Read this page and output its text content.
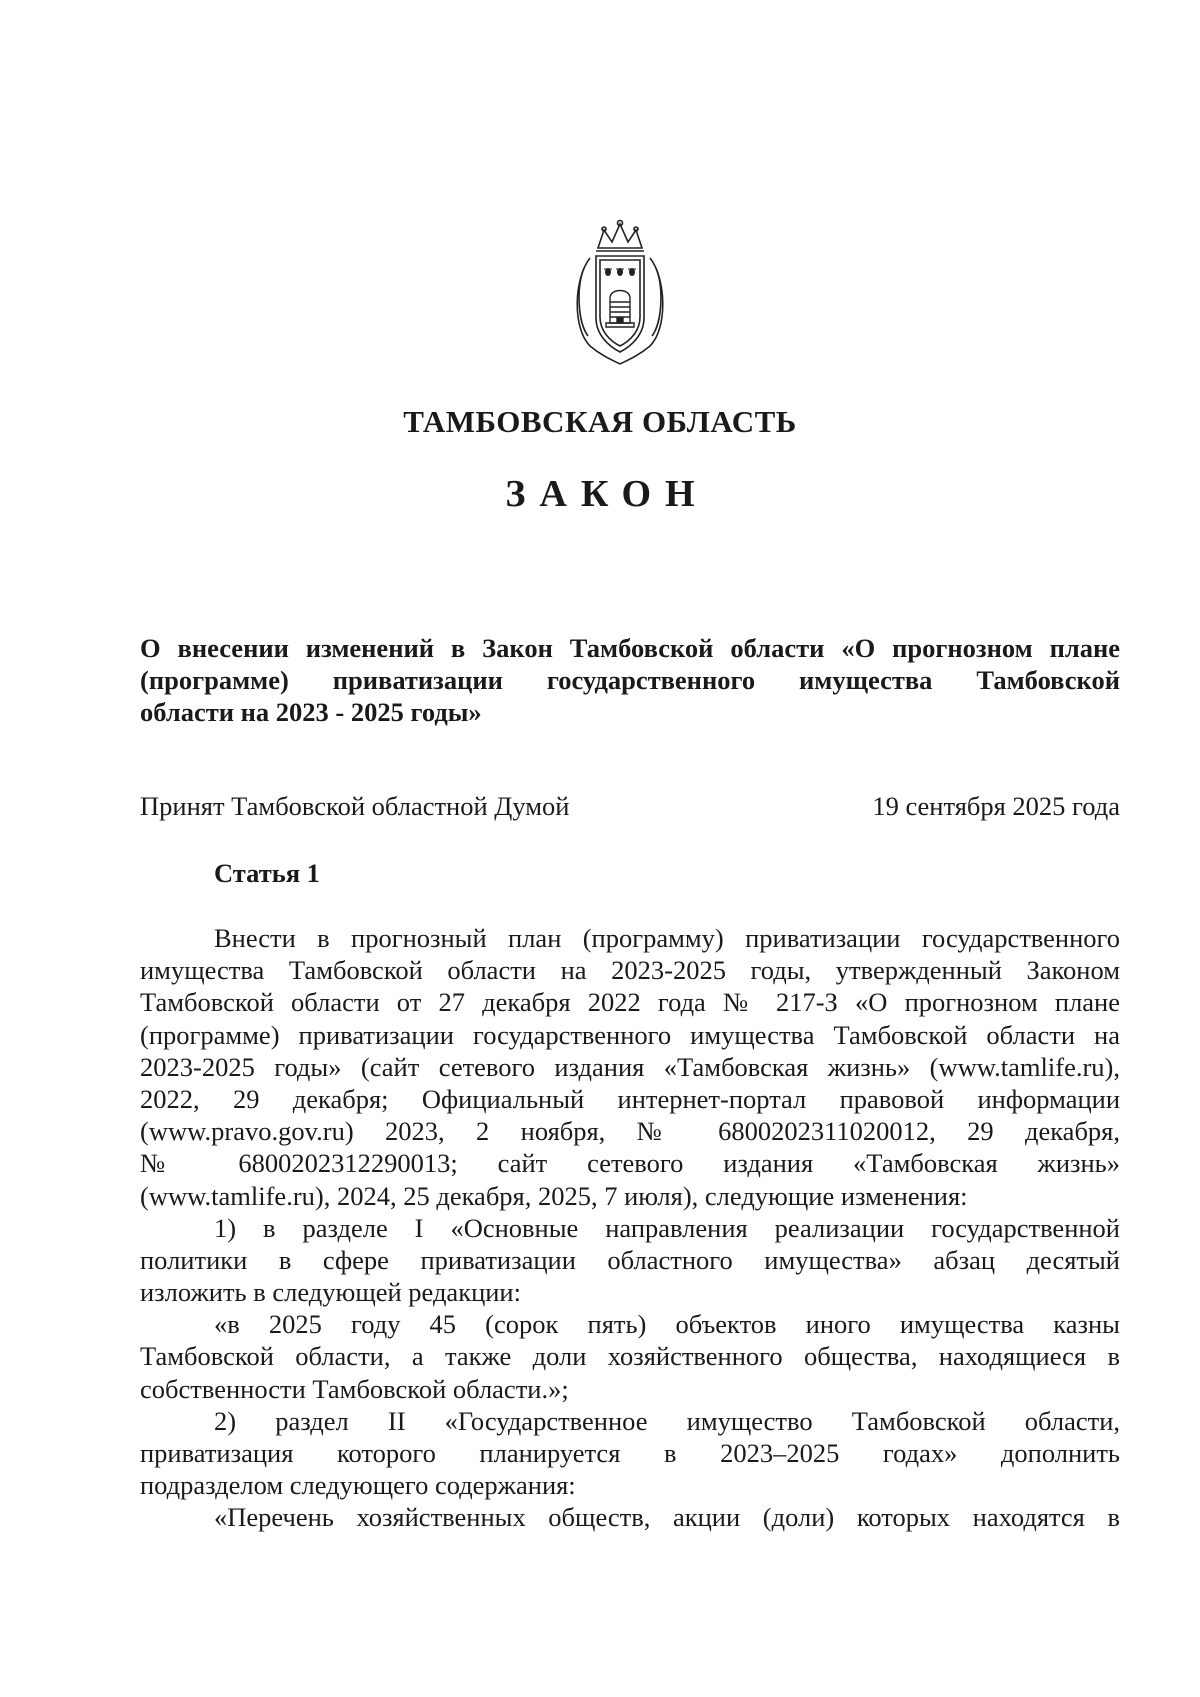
ТАМБОВСКАЯ ОБЛАСТЬ
ЗАКОН
О внесении изменений в Закон Тамбовской области «О прогнозном плане
(программе) приватизации государственного имущества Тамбовской
области на 2023 - 2025 годы»
Принят Тамбовской областной Думой	19 сентября 2025 года
Статья 1
Внести в прогнозный план (программу) приватизации государственного
имущества Тамбовской области на 2023-2025 годы, утвержденный Законом
Тамбовской области от 27 декабря 2022 года № 217-З «О прогнозном плане
(программе) приватизации государственного имущества Тамбовской области на
2023-2025 годы» (сайт сетевого издания «Тамбовская жизнь» (www.tamlife.ru),
2022, 29 декабря; Официальный интернет-портал правовой информации
(www.pravo.gov.ru) 2023, 2 ноября, № 6800202311020012, 29 декабря,
№ 6800202312290013; сайт сетевого издания «Тамбовская жизнь»
(www.tamlife.ru), 2024, 25 декабря, 2025, 7 июля), следующие изменения:
1) в разделе I «Основные направления реализации государственной
политики в сфере приватизации областного имущества» абзац десятый
изложить в следующей редакции:
«в 2025 году 45 (сорок пять) объектов иного имущества казны
Тамбовской области, а также доли хозяйственного общества, находящиеся в
собственности Тамбовской области.»;
2) раздел II «Государственное имущество Тамбовской области,
приватизация которого планируется в 2023–2025 годах» дополнить
подразделом следующего содержания:
«Перечень хозяйственных обществ, акции (доли) которых находятся в
